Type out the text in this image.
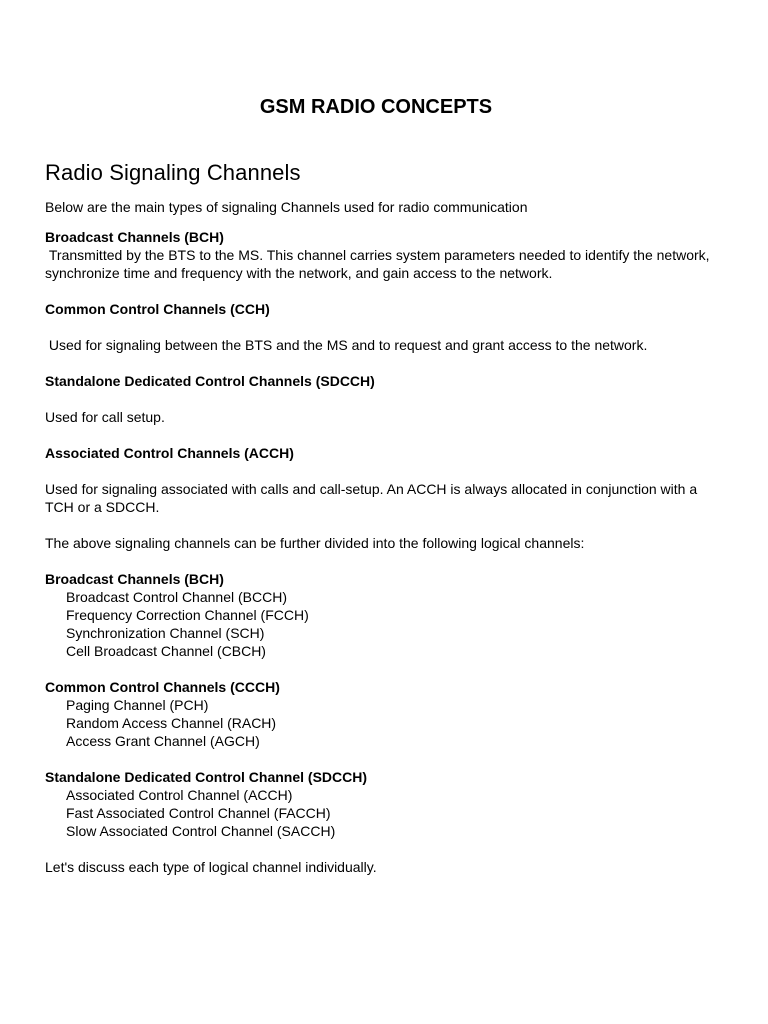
GSM RADIO CONCEPTS
Radio Signaling Channels

Below are the main types of signaling Channels used for radio communication

Broadcast Channels (BCH)

Transmitted by the BTS to the MS. This channel carries system parameters needed to identify the network, synchronize time and frequency with the network, and gain access to the network.

Common Control Channels (CCH)

Used for signaling between the BTS and the MS and to request and grant access to the network.

Standalone Dedicated Control Channels (SDCCH)

Used for call setup.

Associated Control Channels (ACCH)

Used for signaling associated with calls and call-setup. An ACCH is always allocated in conjunction with a TCH or a SDCCH.

The above signaling channels can be further divided into the following logical channels:

Broadcast Channels (BCH)

Broadcast Control Channel (BCCH)

Frequency Correction Channel (FCCH)

Synchronization Channel (SCH)

Cell Broadcast Channel (CBCH)

Common Control Channels (CCCH)

Paging Channel (PCH)

Random Access Channel (RACH)

Access Grant Channel (AGCH)

Standalone Dedicated Control Channel (SDCCH)

Associated Control Channel (ACCH)

Fast Associated Control Channel (FACCH)

Slow Associated Control Channel (SACCH)

Let's discuss each type of logical channel individually.
